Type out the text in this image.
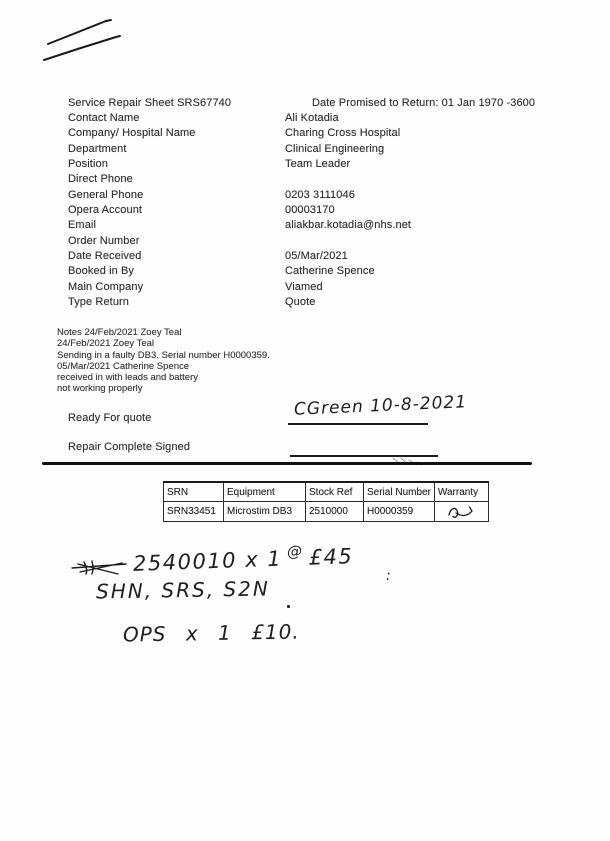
Service Repair Sheet SRS67740	Date Promised to Return: 01 Jan 1970 -3600
Contact Name	Ali Kotadia
Company/ Hospital Name	Charing Cross Hospital
Department	Clinical Engineering
Position	Team Leader
Direct Phone
General Phone	0203 3111046
Opera Account	00003170
Email	aliakbar.kotadia@nhs.net
Order Number
Date Received	05/Mar/2021
Booked in By	Catherine Spence
Main Company	Viamed
Type Return	Quote
Notes 24/Feb/2021 Zoey Teal
24/Feb/2021 Zoey Teal
Sending in a faulty DB3. Serial number H0000359.
05/Mar/2021 Catherine Spence
received in with leads and battery
not working properly
Ready For quote	CGreen 10-8-2021
Repair Complete Signed
SRN	Equipment	Stock Ref	Serial Number	Warranty
SRN33451	Microstim DB3	2510000	H0000359	
2540010 x 1 @ £45
:
SHN, SRS, S2N
OPS x 1 £10.
